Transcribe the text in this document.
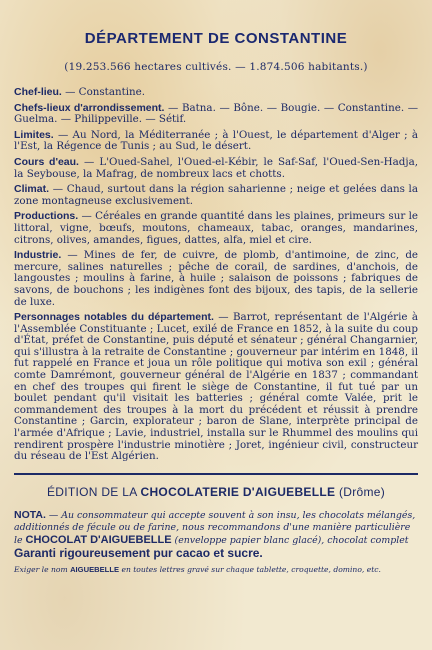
DÉPARTEMENT DE CONSTANTINE
(19.253.566 hectares cultivés. — 1.874.506 habitants.)
Chef-lieu. — Constantine.
Chefs-lieux d'arrondissement. — Batna. — Bône. — Bougie. — Constantine. — Guelma. — Philippeville. — Sétif.
Limites. — Au Nord, la Méditerranée ; à l'Ouest, le département d'Alger ; à l'Est, la Régence de Tunis ; au Sud, le désert.
Cours d'eau. — L'Oued-Sahel, l'Oued-el-Kébir, le Saf-Saf, l'Oued-Sen-Hadja, la Seybouse, la Mafrag, de nombreux lacs et chotts.
Climat. — Chaud, surtout dans la région saharienne ; neige et gelées dans la zone montagneuse exclusivement.
Productions. — Céréales en grande quantité dans les plaines, primeurs sur le littoral, vigne, bœufs, moutons, chameaux, tabac, oranges, mandarines, citrons, olives, amandes, figues, dattes, alfa, miel et cire.
Industrie. — Mines de fer, de cuivre, de plomb, d'antimoine, de zinc, de mercure, salines naturelles ; pêche de corail, de sardines, d'anchois, de langoustes ; moulins à farine, à huile ; salaison de poissons ; fabriques de savons, de bouchons ; les indigènes font des bijoux, des tapis, de la sellerie de luxe.
Personnages notables du département. — Barrot, représentant de l'Algérie à l'Assemblée Constituante ; Lucet, exilé de France en 1852, à la suite du coup d'État, préfet de Constantine, puis député et sénateur ; général Changarnier, qui s'illustra à la retraite de Constantine ; gouverneur par intérim en 1848, il fut rappelé en France et joua un rôle politique qui motiva son exil ; général comte Damrémont, gouverneur général de l'Algérie en 1837 ; commandant en chef des troupes qui firent le siège de Constantine, il fut tué par un boulet pendant qu'il visitait les batteries ; général comte Valée, prit le commandement des troupes à la mort du précédent et réussit à prendre Constantine ; Garcin, explorateur ; baron de Slane, interprète principal de l'armée d'Afrique ; Lavie, industriel, installa sur le Rhummel des moulins qui rendirent prospère l'industrie minotière ; Joret, ingénieur civil, constructeur du réseau de l'Est Algérien.
ÉDITION DE LA CHOCOLATERIE D'AIGUEBELLE (Drôme)
NOTA. — Au consommateur qui accepte souvent à son insu, les chocolats mélangés, additionnés de fécule ou de farine, nous recommandons d'une manière particulière le CHOCOLAT D'AIGUEBELLE (enveloppe papier blanc glacé), chocolat complet Garanti rigoureusement pur cacao et sucre.
Exiger le nom AIGUEBELLE en toutes lettres gravé sur chaque tablette, croquette, domino, etc.
